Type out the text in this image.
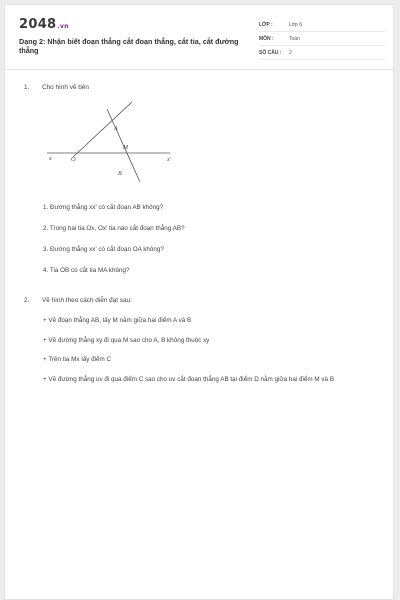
2048.vn
Dạng 2: Nhận biết đoạn thẳng cắt đoạn thẳng, cắt tia, cắt đường thẳng
LỚP :	Lớp 6
MÔN :	Toán
SỐ CÂU : 2
1. Cho hình vẽ bên
x	O
A
M
B
x'
1. Đường thẳng xx' có cắt đoạn AB không?
2. Trong hai tia Ox, Ox' tia nào cắt đoạn thẳng AB?
3. Đường thẳng xx' có cắt đoạn OA không?
4. Tia OB có cắt tia MA không?
2. Vẽ hình theo cách diễn đạt sau:
+ Vẽ đoạn thẳng AB, lấy M nằm giữa hai điểm A và B
+ Vẽ đường thẳng xy đi qua M sao cho A, B không thuộc xy
+ Trên tia Mx lấy điểm C
+ Vẽ đường thẳng uv đi qua điểm C sao cho uv cắt đoạn thẳng AB tại điểm D nằm giữa hai điểm M và B
